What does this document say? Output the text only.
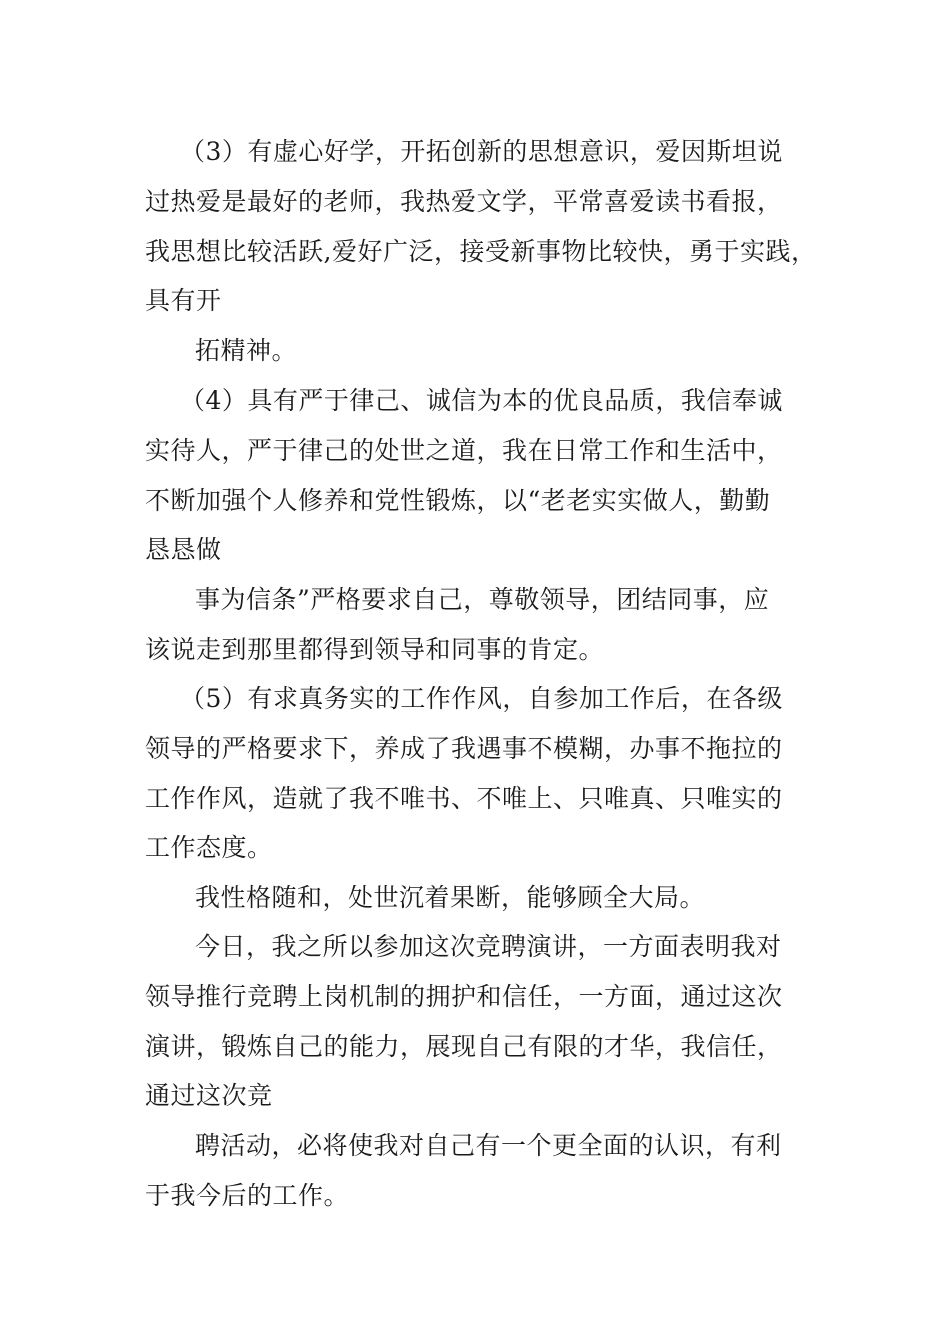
（3）有虚心好学，开拓创新的思想意识，爱因斯坦说

过热爱是最好的老师，我热爱文学，平常喜爱读书看报，

我思想比较活跃,爱好广泛，接受新事物比较快，勇于实践，

具有开

拓精神。

（4）具有严于律己、诚信为本的优良品质，我信奉诚

实待人，严于律己的处世之道，我在日常工作和生活中，

不断加强个人修养和党性锻炼，以“老老实实做人，勤勤

恳恳做

事为信条”严格要求自己，尊敬领导，团结同事，应

该说走到那里都得到领导和同事的肯定。

（5）有求真务实的工作作风，自参加工作后，在各级

领导的严格要求下，养成了我遇事不模糊，办事不拖拉的

工作作风，造就了我不唯书、不唯上、只唯真、只唯实的

工作态度。

我性格随和，处世沉着果断，能够顾全大局。

今日，我之所以参加这次竞聘演讲，一方面表明我对

领导推行竞聘上岗机制的拥护和信任，一方面，通过这次

演讲，锻炼自己的能力，展现自己有限的才华，我信任，

通过这次竞

聘活动，必将使我对自己有一个更全面的认识，有利

于我今后的工作。
